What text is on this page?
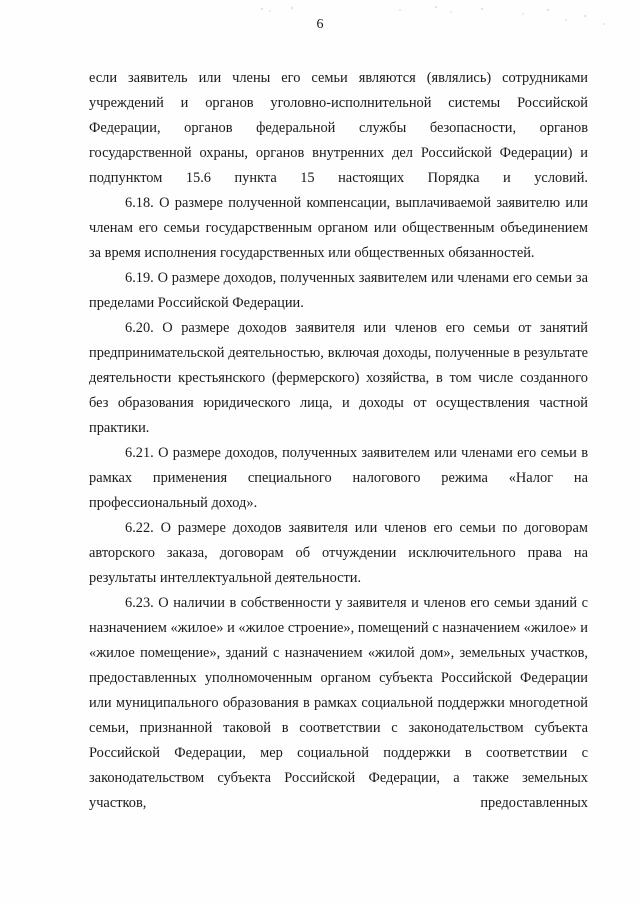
6

если заявитель или члены его семьи являются (являлись) сотрудниками учреждений и органов уголовно-исполнительной системы Российской Федерации, органов федеральной службы безопасности, органов государственной охраны, органов внутренних дел Российской Федерации) и подпунктом 15.6 пункта 15 настоящих Порядка и условий.

6.18. О размере полученной компенсации, выплачиваемой заявителю или членам его семьи государственным органом или общественным объединением за время исполнения государственных или общественных обязанностей.

6.19. О размере доходов, полученных заявителем или членами его семьи за пределами Российской Федерации.

6.20. О размере доходов заявителя или членов его семьи от занятий предпринимательской деятельностью, включая доходы, полученные в результате деятельности крестьянского (фермерского) хозяйства, в том числе созданного без образования юридического лица, и доходы от осуществления частной практики.

6.21. О размере доходов, полученных заявителем или членами его семьи в рамках применения специального налогового режима «Налог на профессиональный доход».

6.22. О размере доходов заявителя или членов его семьи по договорам авторского заказа, договорам об отчуждении исключительного права на результаты интеллектуальной деятельности.

6.23. О наличии в собственности у заявителя и членов его семьи зданий с назначением «жилое» и «жилое строение», помещений с назначением «жилое» и «жилое помещение», зданий с назначением «жилой дом», земельных участков, предоставленных уполномоченным органом субъекта Российской Федерации или муниципального образования в рамках социальной поддержки многодетной семьи, признанной таковой в соответствии с законодательством субъекта Российской Федерации, мер социальной поддержки в соответствии с законодательством субъекта Российской Федерации, а также земельных участков, предоставленных
